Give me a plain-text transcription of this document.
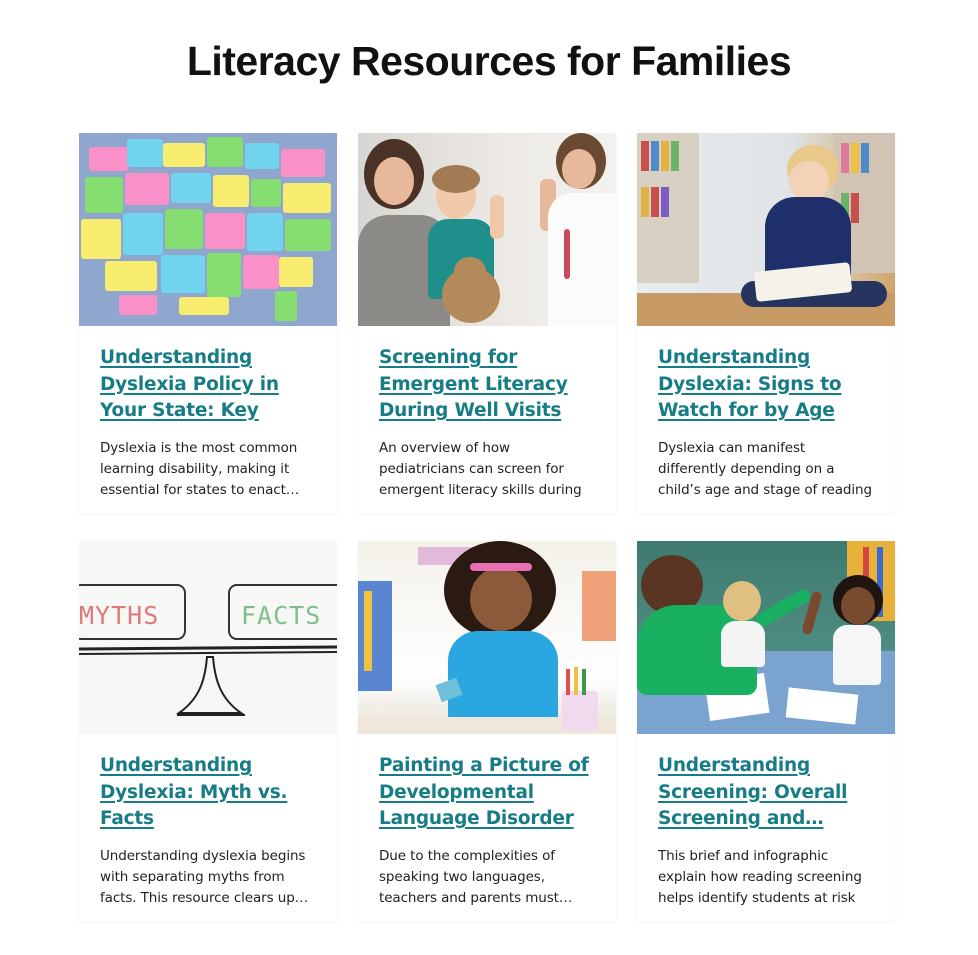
Literacy Resources for Families
Understanding Dyslexia Policy in Your State: Key

Dyslexia is the most common learning disability, making it essential for states to enact…

Screening for Emergent Literacy During Well Visits

An overview of how pediatricians can screen for emergent literacy skills during

Understanding Dyslexia: Signs to Watch for by Age

Dyslexia can manifest differently depending on a child’s age and stage of reading

MYTHS	FACTS
Understanding Dyslexia: Myth vs. Facts

Understanding dyslexia begins with separating myths from facts. This resource clears up…

Painting a Picture of Developmental Language Disorder

Due to the complexities of speaking two languages, teachers and parents must…

Understanding Screening: Overall Screening and…

This brief and infographic explain how reading screening helps identify students at risk
